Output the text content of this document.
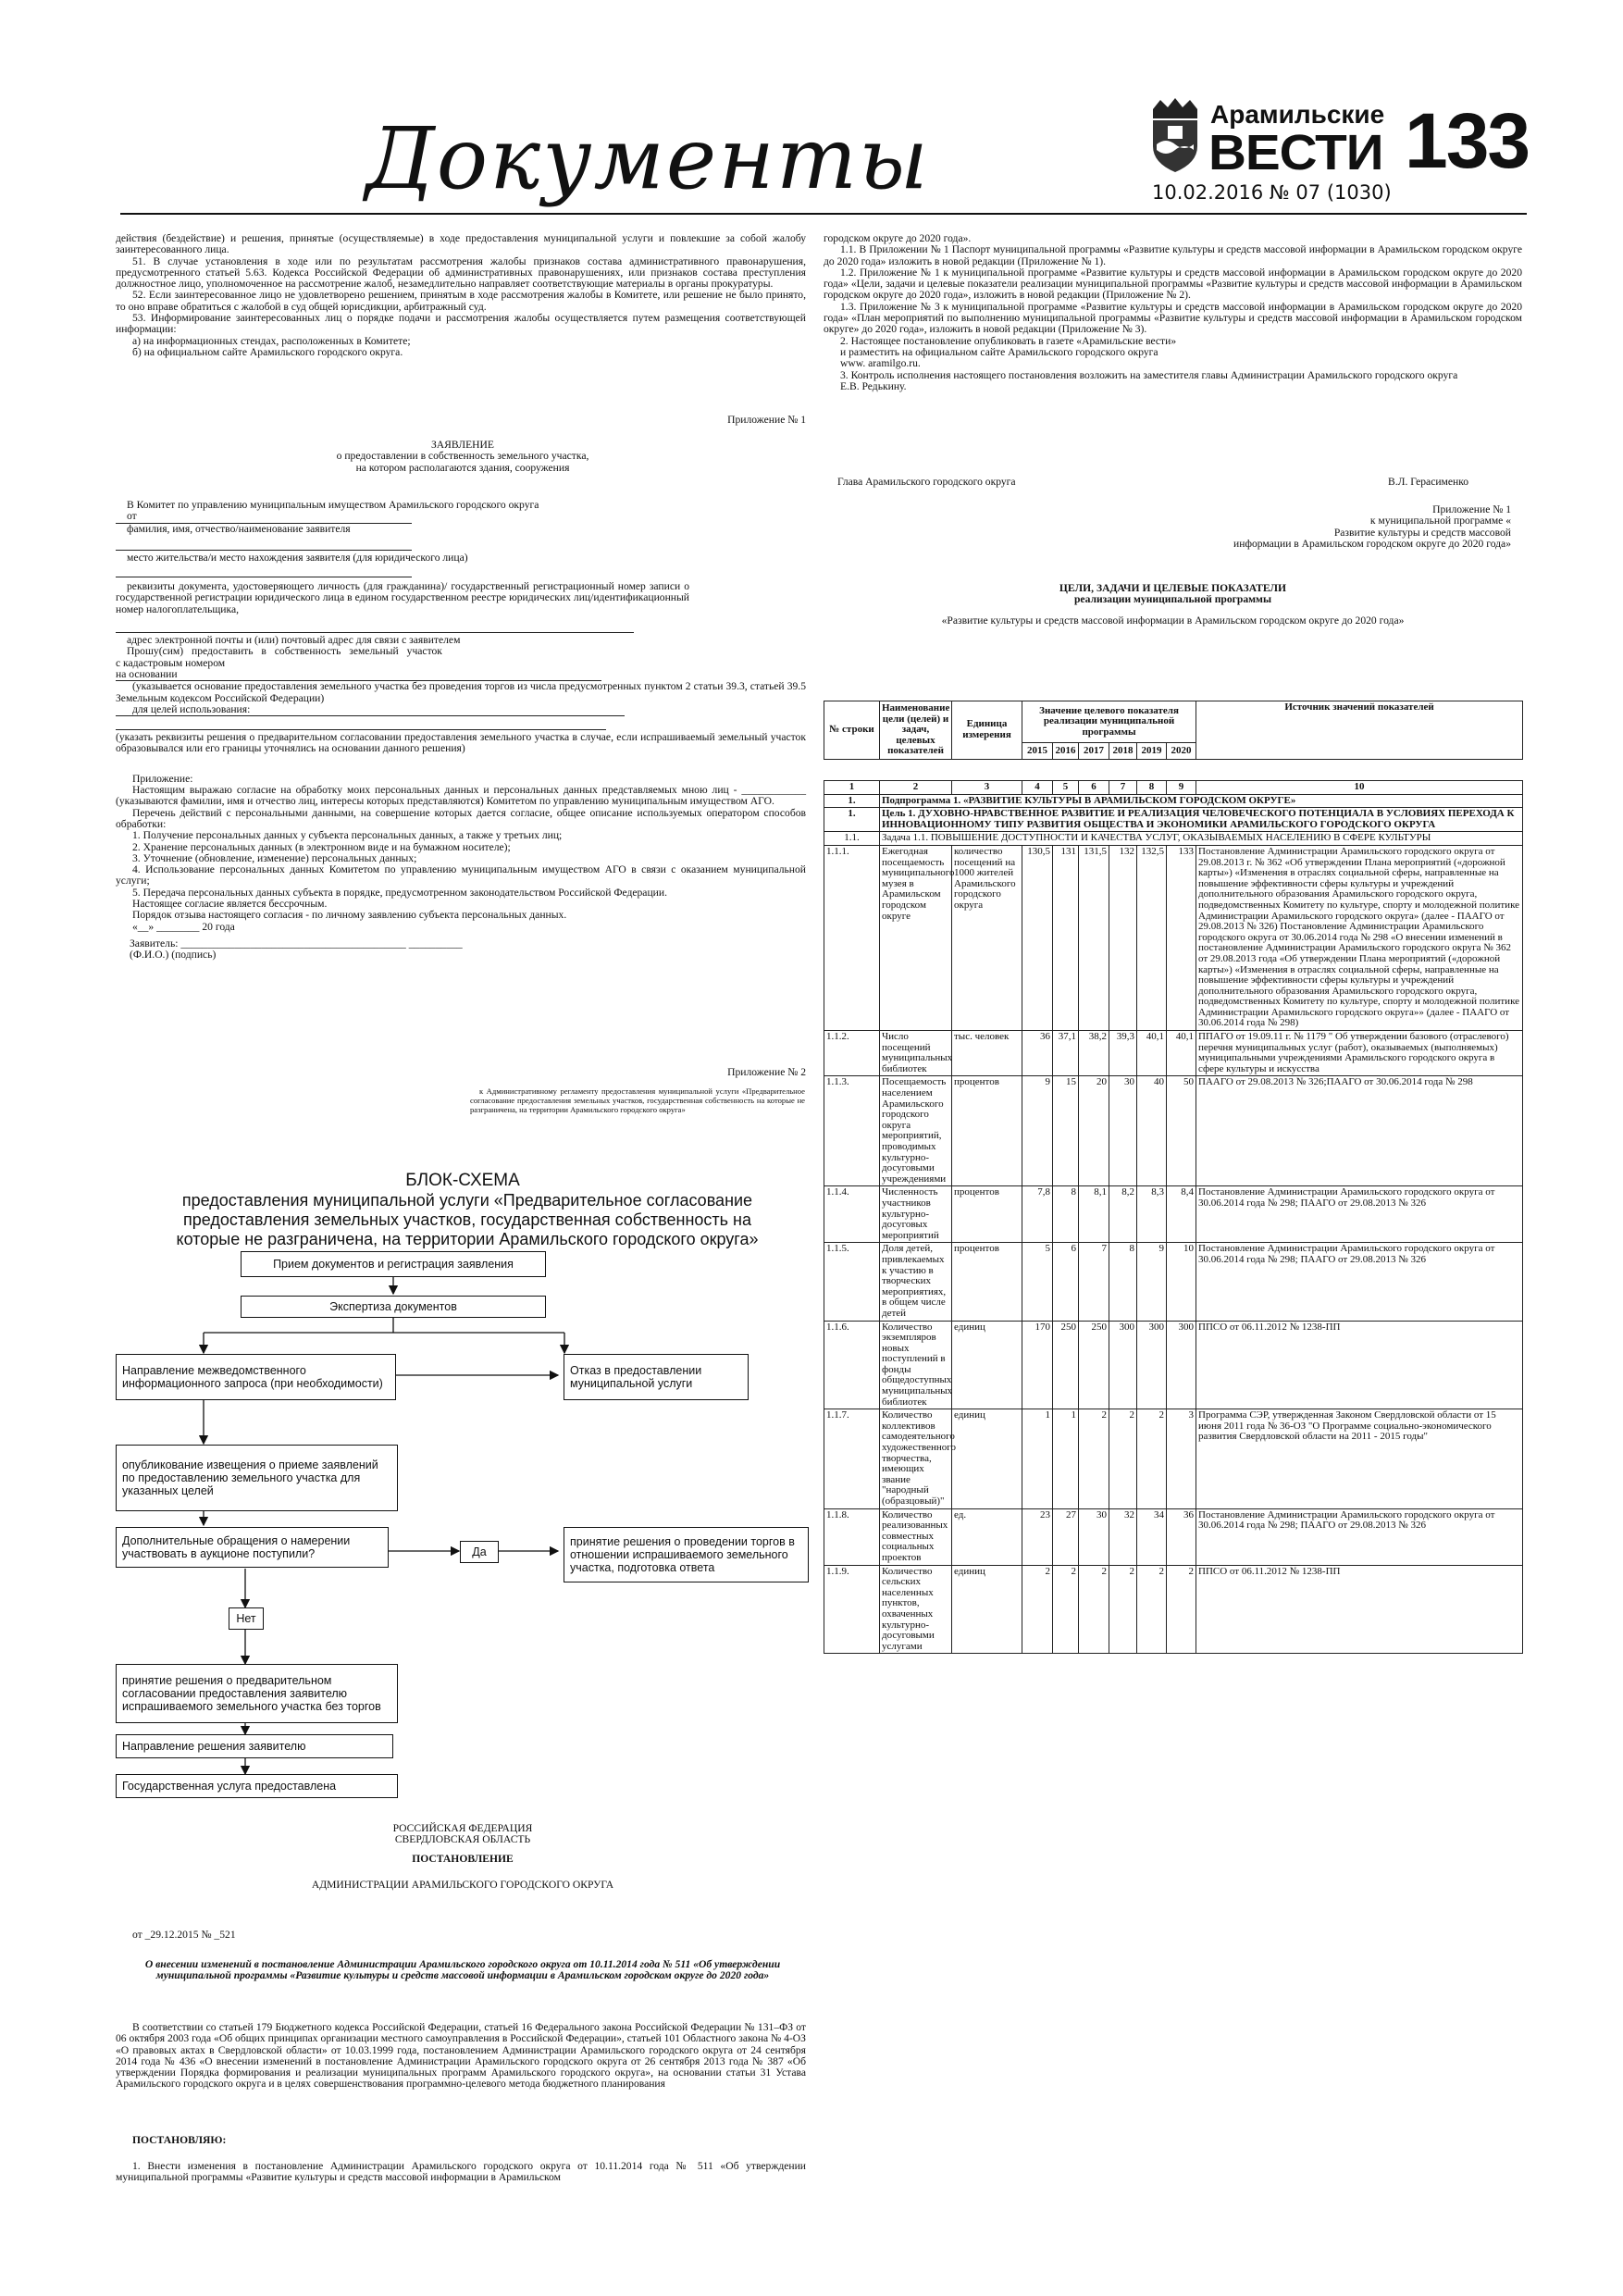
Документы	Арамильские
ВЕСТИ 133
10.02.2016 № 07 (1030)

действия (бездействие) и решения, принятые (осуществляемые) в ходе предоставления муниципальной услуги и повлекшие за собой жалобу заинтересованного лица.

51. В случае установления в ходе или по результатам рассмотрения жалобы признаков состава административного правонарушения, предусмотренного статьей 5.63. Кодекса Российской Федерации об административных правонарушениях, или признаков состава преступления должностное лицо, уполномоченное на рассмотрение жалоб, незамедлительно направляет соответствующие материалы в органы прокуратуры.

52. Если заинтересованное лицо не удовлетворено решением, принятым в ходе рассмотрения жалобы в Комитете, или решение не было принято, то оно вправе обратиться с жалобой в суд общей юрисдикции, арбитражный суд.

53. Информирование заинтересованных лиц о порядке подачи и рассмотрения жалобы осуществляется путем размещения соответствующей информации:

а) на информационных стендах, расположенных в Комитете;

б) на официальном сайте Арамильского городского округа.

Приложение № 1
ЗАЯВЛЕНИЕ
о предоставлении в собственность земельного участка,
на котором располагаются здания, сооружения

В Комитет по управлению муниципальным имуществом Арамильского городского округа

от
фамилия, имя, отчество/наименование заявителя
место жительства/и место нахождения заявителя (для юридического лица)

реквизиты документа, удостоверяющего личность (для гражданина)/ государственный регистрационный номер записи о государственной регистрации юридического лица в едином государственном реестре юридических лиц/идентификационный номер налогоплательщика,

адрес электронной почты и (или) почтовый адрес для связи с заявителем
Прошу(сим) предоставить в собственность земельный участок
с кадастровым номером
на основании

(указывается основание предоставления земельного участка без проведения торгов из числа предусмотренных пунктом 2 статьи 39.3, статьей 39.5 Земельным кодексом Российской Федерации)

для целей использования:

(указать реквизиты решения о предварительном согласовании предоставления земельного участка в случае, если испрашиваемый земельный участок образовывался или его границы уточнялись на основании данного решения)

Приложение:

Настоящим выражаю согласие на обработку моих персональных данных и персональных данных представляемых мною лиц - ____________ (указываются фамилии, имя и отчество лиц, интересы которых представляются) Комитетом по управлению муниципальным имуществом АГО.

Перечень действий с персональными данными, на совершение которых дается согласие, общее описание используемых оператором способов обработки:

1. Получение персональных данных у субъекта персональных данных, а также у третьих лиц;

2. Хранение персональных данных (в электронном виде и на бумажном носителе);

3. Уточнение (обновление, изменение) персональных данных;

4. Использование персональных данных Комитетом по управлению муниципальным имуществом АГО в связи с оказанием муниципальной услуги;

5. Передача персональных данных субъекта в порядке, предусмотренном законодательством Российской Федерации.

Настоящее согласие является бессрочным.

Порядок отзыва настоящего согласия - по личному заявлению субъекта персональных данных.

«__» ________ 20 года

Заявитель: __________________________________________ __________

(Ф.И.О.) (подпись)

Приложение № 2
к Административному регламенту предоставления муниципальной услуги «Предварительное согласование предоставления земельных участков, государственная собственность на которые не разграничена, на территории Арамильского городского округа»
БЛОК-СХЕМА
предоставления муниципальной услуги «Предварительное согласование предоставления земельных участков, государственная собственность на которые не разграничена, на территории Арамильского городского округа»
Прием документов и регистрация заявления
Экспертиза документов
Направление межведомственного информационного запроса (при необходимости)
Отказ в предоставлении муниципальной услуги
опубликование извещения о приеме заявлений по предоставлению земельного участка для указанных целей
Дополнительные обращения о намерении участвовать в аукционе поступили?	Да
принятие решения о проведении торгов в отношении испрашиваемого земельного участка, подготовка ответа
Нет
принятие решения о предварительном согласовании предоставления заявителю испрашиваемого земельного участка без торгов
Направление решения заявителю
Государственная услуга предоставлена
РОССИЙСКАЯ ФЕДЕРАЦИЯ
СВЕРДЛОВСКАЯ ОБЛАСТЬ
ПОСТАНОВЛЕНИЕ
АДМИНИСТРАЦИИ АРАМИЛЬСКОГО ГОРОДСКОГО ОКРУГА
от _29.12.2015 № _521
О внесении изменений в постановление Администрации Арамильского городского округа от 10.11.2014 года № 511 «Об утверждении муниципальной программы «Развитие культуры и средств массовой информации в Арамильском городском округе до 2020 года»

В соответствии со статьей 179 Бюджетного кодекса Российской Федерации, статьей 16 Федерального закона Российской Федерации № 131–ФЗ от 06 октября 2003 года «Об общих принципах организации местного самоуправления в Российской Федерации», статьей 101 Областного закона № 4-ОЗ «О правовых актах в Свердловской области» от 10.03.1999 года, постановлением Администрации Арамильского городского округа от 24 сентября 2014 года № 436 «О внесении изменений в постановление Администрации Арамильского городского округа от 26 сентября 2013 года № 387 «Об утверждении Порядка формирования и реализации муниципальных программ Арамильского городского округа», на основании статьи 31 Устава Арамильского городского округа и в целях совершенствования программно-целевого метода бюджетного планирования

ПОСТАНОВЛЯЮ:

1. Внести изменения в постановление Администрации Арамильского городского округа от 10.11.2014 года № 511 «Об утверждении муниципальной программы «Развитие культуры и средств массовой информации в Арамильском

городском округе до 2020 года».

1.1. В Приложении № 1 Паспорт муниципальной программы «Развитие культуры и средств массовой информации в Арамильском городском округе до 2020 года» изложить в новой редакции (Приложение № 1).

1.2. Приложение № 1 к муниципальной программе «Развитие культуры и средств массовой информации в Арамильском городском округе до 2020 года» «Цели, задачи и целевые показатели реализации муниципальной программы «Развитие культуры и средств массовой информации в Арамильском городском округе до 2020 года», изложить в новой редакции (Приложение № 2).

1.3. Приложение № 3 к муниципальной программе «Развитие культуры и средств массовой информации в Арамильском городском округе до 2020 года» «План мероприятий по выполнению муниципальной программы «Развитие культуры и средств массовой информации в Арамильском городском округе» до 2020 года», изложить в новой редакции (Приложение № 3).

2. Настоящее постановление опубликовать в газете «Арамильские вести»

и разместить на официальном сайте Арамильского городского округа

www. aramilgo.ru.

3. Контроль исполнения настоящего постановления возложить на заместителя главы Администрации Арамильского городского округа

Е.В. Редькину.

Глава Арамильского городского округа	В.Л. Герасименко
Приложение № 1
к муниципальной программе «
Развитие культуры и средств массовой
информации в Арамильском городском округе до 2020 года»
ЦЕЛИ, ЗАДАЧИ И ЦЕЛЕВЫЕ ПОКАЗАТЕЛИ
реализации муниципальной программы
«Развитие культуры и средств массовой информации в Арамильском городском округе до 2020 года»
№ строки	Наименование цели (целей) и задач, целевых показателей	Единица измерения	Значение целевого показателя реализации муниципальной программы						Источник значений показателей
			2015	2016	2017	2018	2019	2020	
1	2	3	4	5	6	7	8	9	10
1.	Подпрограмма 1. «РАЗВИТИЕ КУЛЬТУРЫ В АРАМИЛЬСКОМ ГОРОДСКОМ ОКРУГЕ»								
1.	Цель 1. ДУХОВНО-НРАВСТВЕННОЕ РАЗВИТИЕ И РЕАЛИЗАЦИЯ ЧЕЛОВЕЧЕСКОГО ПОТЕНЦИАЛА В УСЛОВИЯХ ПЕРЕХОДА К ИННОВАЦИОННОМУ ТИПУ РАЗВИТИЯ ОБЩЕСТВА И ЭКОНОМИКИ АРАМИЛЬСКОГО ГОРОДСКОГО ОКРУГА								
1.1.	Задача 1.1. ПОВЫШЕНИЕ ДОСТУПНОСТИ И КАЧЕСТВА УСЛУГ, ОКАЗЫВАЕМЫХ НАСЕЛЕНИЮ В СФЕРЕ КУЛЬТУРЫ								
1.1.1.	Ежегодная посещаемость муниципального музея в Арамильском городском округе	количество посещений на 1000 жителей Арамильского городского округа	130,5	131	131,5	132	132,5	133	Постановление Администрации Арамильского городского округа от 29.08.2013 г. № 362 «Об утверждении Плана мероприятий («дорожной карты») «Изменения в отраслях социальной сферы, направленные на повышение эффективности сферы культуры и учреждений дополнительного образования Арамильского городского округа, подведомственных Комитету по культуре, спорту и молодежной политике Администрации Арамильского городского округа» (далее - ПААГО от 29.08.2013 № 326) Постановление Администрации Арамильского городского округа от 30.06.2014 года № 298 «О внесении изменений в постановление Администрации Арамильского городского округа № 362 от 29.08.2013 года «Об утверждении Плана мероприятий («дорожной карты») «Изменения в отраслях социальной сферы, направленные на повышение эффективности сферы культуры и учреждений дополнительного образования Арамильского городского округа, подведомственных Комитету по культуре, спорту и молодежной политике Администрации Арамильского городского округа»» (далее - ПААГО от 30.06.2014 года № 298)
1.1.2.	Число посещений муниципальных библиотек	тыс. человек	36	37,1	38,2	39,3	40,1	40,1	ППАГО от 19.09.11 г. № 1179 " Об утверждении базового (отраслевого) перечня муниципальных услуг (работ), оказываемых (выполняемых) муниципальными учреждениями Арамильского городского округа в сфере культуры и искусства
1.1.3.	Посещаемость населением Арамильского городского округа мероприятий, проводимых культурно-досуговыми учреждениями	процентов	9	15	20	30	40	50	ПААГО от 29.08.2013 № 326;ПААГО от 30.06.2014 года № 298
1.1.4.	Численность участников культурно-досуговых мероприятий	процентов	7,8	8	8,1	8,2	8,3	8,4	Постановление Администрации Арамильского городского округа от 30.06.2014 года № 298; ПААГО от 29.08.2013 № 326
1.1.5.	Доля детей, привлекаемых к участию в творческих мероприятиях, в общем числе детей	процентов	5	6	7	8	9	10	Постановление Администрации Арамильского городского округа от 30.06.2014 года № 298; ПААГО от 29.08.2013 № 326
1.1.6.	Количество экземпляров новых поступлений в фонды общедоступных муниципальных библиотек	единиц	170	250	250	300	300	300	ППСО от 06.11.2012 № 1238-ПП
1.1.7.	Количество коллективов самодеятельного художественного творчества, имеющих звание "народный (образцовый)"	единиц	1	1	2	2	2	3	Программа СЭР, утвержденная Законом Свердловской области от 15 июня 2011 года № 36-ОЗ "О Программе социально-экономического развития Свердловской области на 2011 - 2015 годы"
1.1.8.	Количество реализованных совместных социальных проектов	ед.	23	27	30	32	34	36	Постановление Администрации Арамильского городского округа от 30.06.2014 года № 298; ПААГО от 29.08.2013 № 326
1.1.9.	Количество сельских населенных пунктов, охваченных культурно-досуговыми услугами	единиц	2	2	2	2	2	2	ППСО от 06.11.2012 № 1238-ПП
